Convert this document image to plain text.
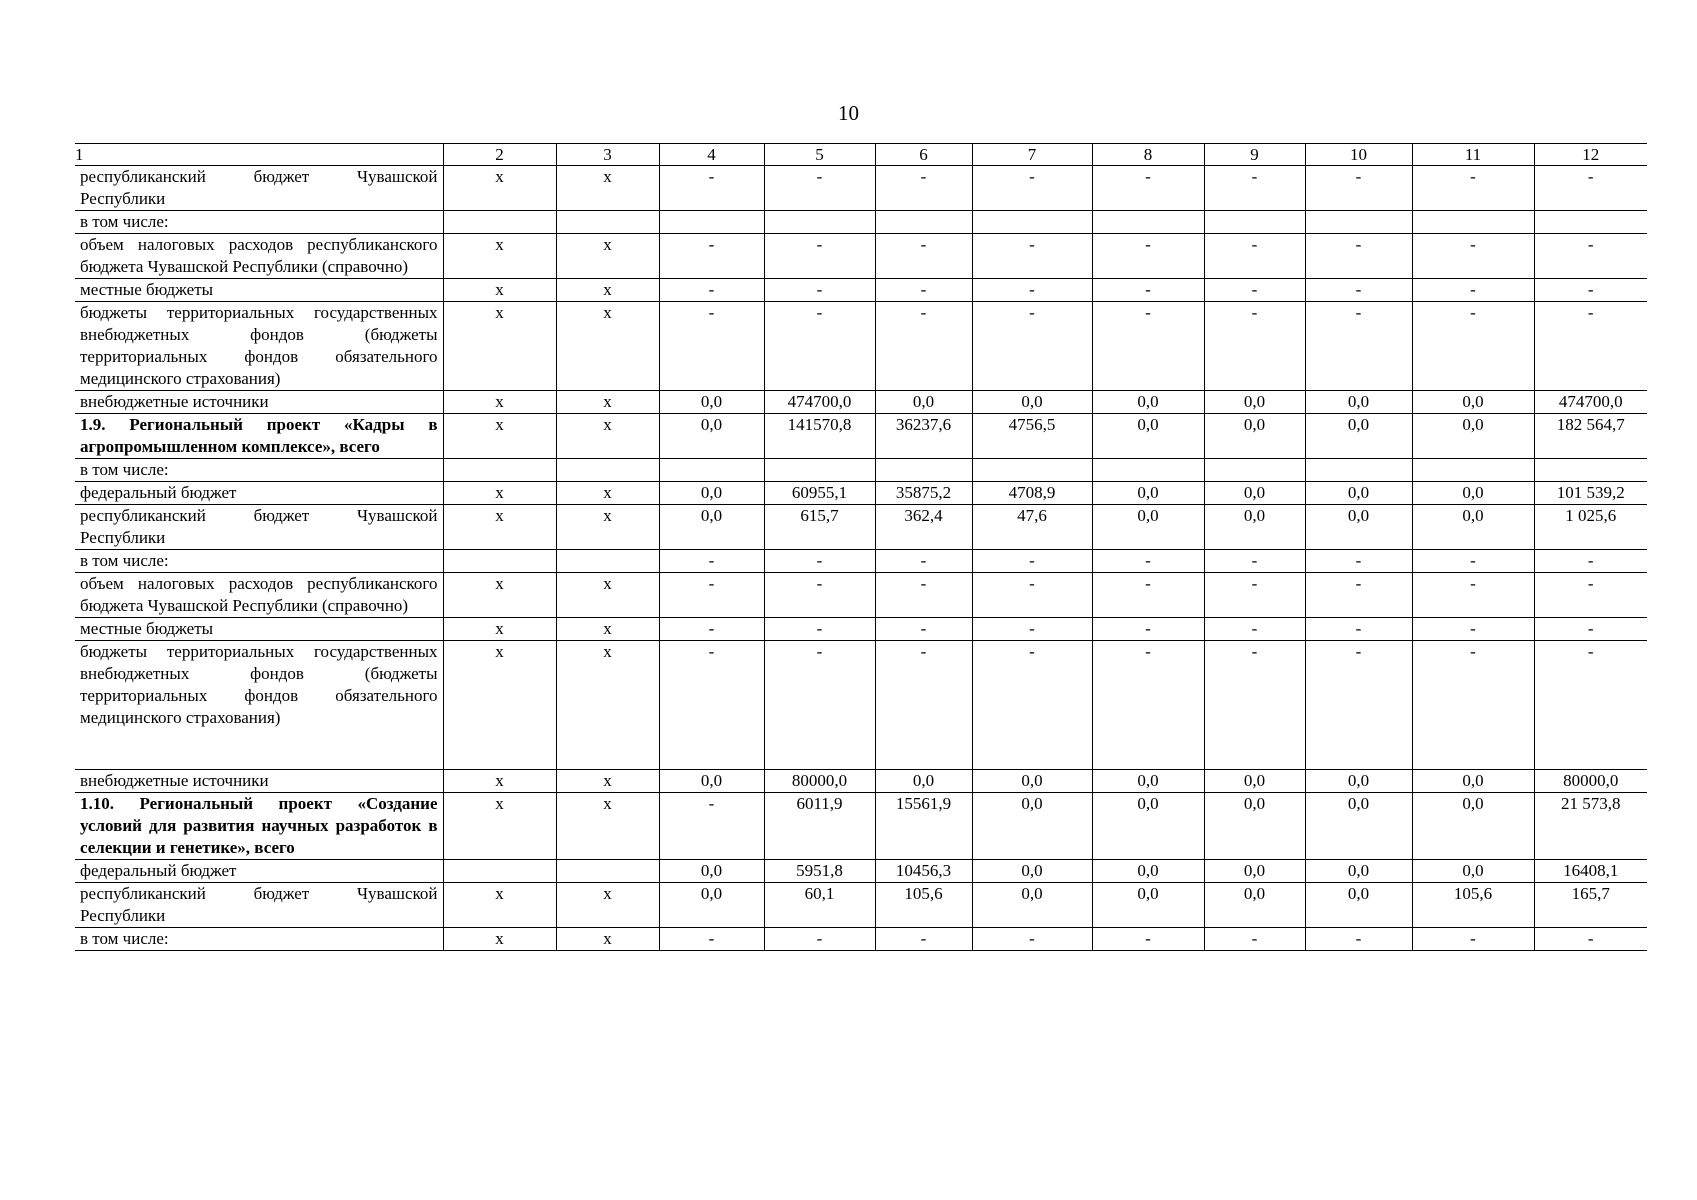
10
1	2	3	4	5	6	7	8	9	10	11	12
республиканский бюджет Чувашской Республики	х	х	-	-	-	-	-	-	-	-	-
в том числе:											
объем налоговых расходов республиканского бюджета Чувашской Республики (справочно)	х	х	-	-	-	-	-	-	-	-	-
местные бюджеты	х	х	-	-	-	-	-	-	-	-	-
бюджеты территориальных государственных внебюджетных фондов (бюджеты территориальных фондов обязательного медицинского страхования)	х	х	-	-	-	-	-	-	-	-	-
внебюджетные источники	х	х	0,0	474700,0	0,0	0,0	0,0	0,0	0,0	0,0	474700,0
1.9. Региональный проект «Кадры в агропромышленном комплексе», всего	х	х	0,0	141570,8	36237,6	4756,5	0,0	0,0	0,0	0,0	182 564,7
в том числе:											
федеральный бюджет	х	х	0,0	60955,1	35875,2	4708,9	0,0	0,0	0,0	0,0	101 539,2
республиканский бюджет Чувашской Республики	х	х	0,0	615,7	362,4	47,6	0,0	0,0	0,0	0,0	1 025,6
в том числе:			-	-	-	-	-	-	-	-	-
объем налоговых расходов республиканского бюджета Чувашской Республики (справочно)	х	х	-	-	-	-	-	-	-	-	-
местные бюджеты	х	х	-	-	-	-	-	-	-	-	-
бюджеты территориальных государственных внебюджетных фондов (бюджеты территориальных фондов обязательного медицинского страхования)	х	х	-	-	-	-	-	-	-	-	-
внебюджетные источники	х	х	0,0	80000,0	0,0	0,0	0,0	0,0	0,0	0,0	80000,0
1.10. Региональный проект «Создание условий для развития научных разработок в селекции и генетике», всего	х	х	-	6011,9	15561,9	0,0	0,0	0,0	0,0	0,0	21 573,8
федеральный бюджет			0,0	5951,8	10456,3	0,0	0,0	0,0	0,0	0,0	16408,1
республиканский бюджет Чувашской Республики	х	х	0,0	60,1	105,6	0,0	0,0	0,0	0,0	105,6	165,7
в том числе:	х	х	-	-	-	-	-	-	-	-	-
